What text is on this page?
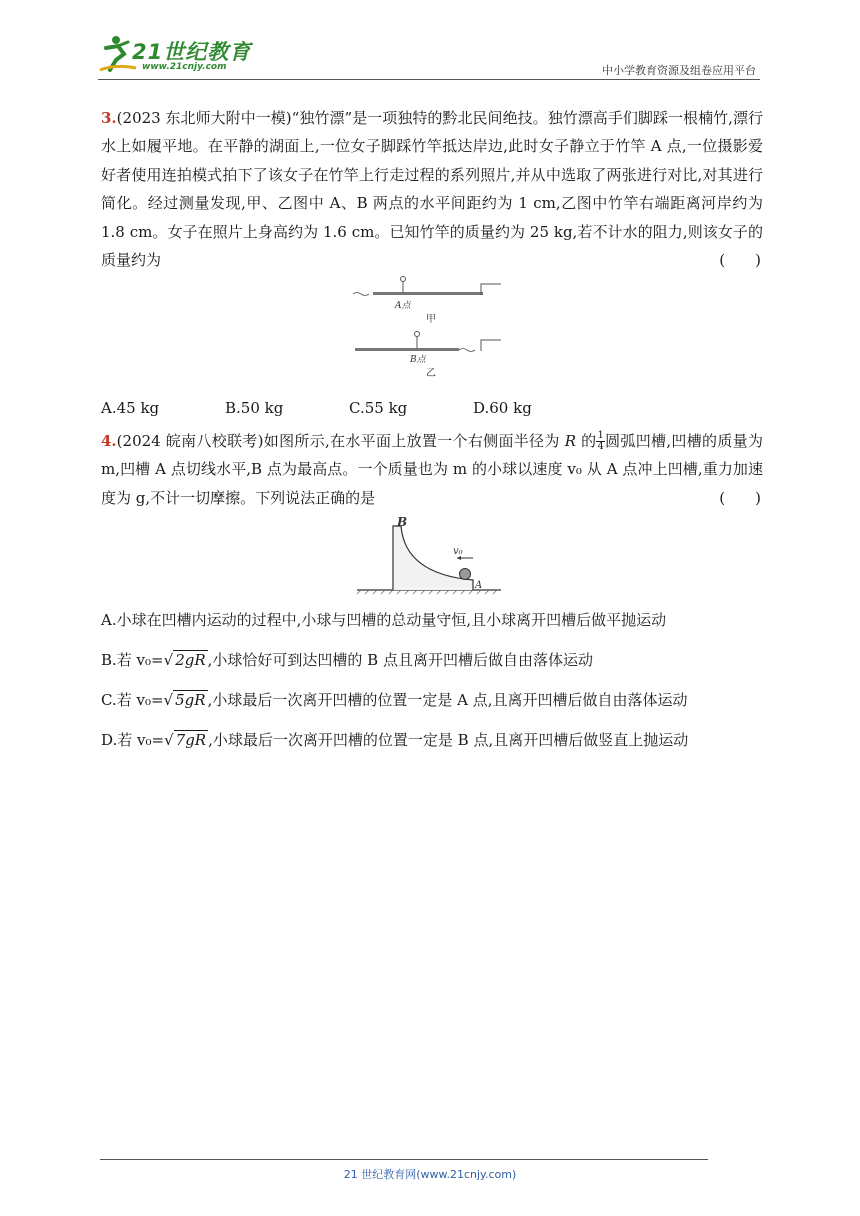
21世纪教育
www.21cnjy.com	中小学教育资源及组卷应用平台

3.(2023 东北师大附中一模)“独竹漂”是一项独特的黔北民间绝技。独竹漂高手们脚踩一根楠竹,漂行水上如履平地。在平静的湖面上,一位女子脚踩竹竿抵达岸边,此时女子静立于竹竿 A 点,一位摄影爱好者使用连拍模式拍下了该女子在竹竿上行走过程的系列照片,并从中选取了两张进行对比,对其进行简化。经过测量发现,甲、乙图中 A、B 两点的水平间距约为 1 cm,乙图中竹竿右端距离河岸约为 1.8 cm。女子在照片上身高约为 1.6 cm。已知竹竿的质量约为 25 kg,若不计水的阻力,则该女子的质量约为	(　　)

A点
甲
B点
乙
A.45 kg	B.50 kg	C.55 kg	D.60 kg

4.(2024 皖南八校联考)如图所示,在水平面上放置一个右侧面半径为 R 的 $\frac{1}{4}$圆弧凹槽,凹槽的质量为 m,凹槽 A 点切线水平,B 点为最高点。一个质量也为 m 的小球以速度 v₀ 从 A 点冲上凹槽,重力加速度为 g,不计一切摩擦。下列说法正确的是	(　　)

B
A
v₀

A.小球在凹槽内运动的过程中,小球与凹槽的总动量守恒,且小球离开凹槽后做平抛运动

B.若 v₀=√ 2gR ,小球恰好可到达凹槽的 B 点且离开凹槽后做自由落体运动

C.若 v₀=√ 5gR ,小球最后一次离开凹槽的位置一定是 A 点,且离开凹槽后做自由落体运动

D.若 v₀=√ 7gR ,小球最后一次离开凹槽的位置一定是 B 点,且离开凹槽后做竖直上抛运动

21 世纪教育网(www.21cnjy.com)
